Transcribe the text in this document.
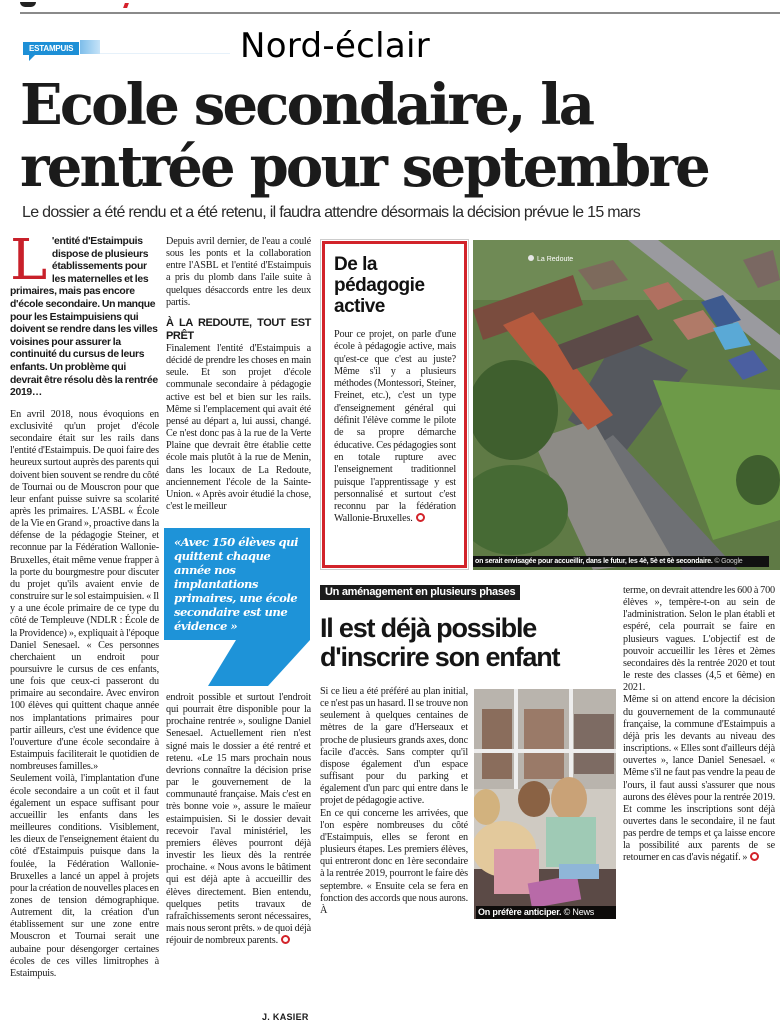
ESTAMPUIS	Nord-éclair
Ecole secondaire, la
rentrée pour septembre
Le dossier a été rendu et a été retenu, il faudra attendre désormais la décision prévue le 15 mars
L 'entité d'Estaimpuis dispose de plusieurs établissements pour les maternelles et les primaires, mais pas encore d'école secondaire. Un manque pour les Estaimpuisiens qui doivent se rendre dans les villes voisines pour assurer la continuité du cursus de leurs enfants. Un problème qui devrait être résolu dès la rentrée 2019…

En avril 2018, nous évoquions en exclusivité qu'un projet d'école secondaire était sur les rails dans l'entité d'Estaimpuis. De quoi faire des heureux surtout auprès des parents qui doivent bien souvent se rendre du côté de Tournai ou de Mouscron pour que leur enfant puisse suivre sa scolarité après les primaires. L'ASBL « École de la Vie en Grand », proactive dans la défense de la pédagogie Steiner, et reconnue par la Fédération Wallonie-Bruxelles, était même venue frapper à la porte du bourgmestre pour discuter du projet qu'ils avaient envie de construire sur le sol estaimpuisien. « Il y a une école primaire de ce type du côté de Templeuve (NDLR : École de la Providence) », expliquait à l'époque Daniel Senesael. « Ces personnes cherchaient un endroit pour poursuivre le cursus de ces enfants, une fois que ceux-ci passeront du primaire au secondaire. Avec environ 100 élèves qui quittent chaque année nos implantations primaires pour partir ailleurs, c'est une évidence que l'ouverture d'une école secondaire à Estaimpuis faciliterait le quotidien de nombreuses familles.»

Seulement voilà, l'implantation d'une école secondaire a un coût et il faut également un espace suffisant pour accueillir les enfants dans les meilleures conditions. Visiblement, les dieux de l'enseignement étaient du côté d'Estaimpuis puisque dans la foulée, la Fédération Wallonie-Bruxelles a lancé un appel à projets pour la création de nouvelles places en zones de tension démographique. Autrement dit, la création d'un établissement sur une zone entre Mouscron et Tournai serait une aubaine pour désengorger certaines écoles de ces villes limitrophes à Estaimpuis.

Depuis avril dernier, de l'eau a coulé sous les ponts et la collaboration entre l'ASBL et l'entité d'Estaimpuis a pris du plomb dans l'aile suite à quelques désaccords entre les deux partis.

À LA REDOUTE, TOUT EST PRÊT

Finalement l'entité d'Estaimpuis a décidé de prendre les choses en main seule. Et son projet d'école communale secondaire à pédagogie active est bel et bien sur les rails. Même si l'emplacement qui avait été pensé au départ a, lui aussi, changé. Ce n'est donc pas à la rue de la Verte Plaine que devrait être établie cette école mais plutôt à la rue de Menin, dans les locaux de La Redoute, anciennement l'école de la Sainte-Union. « Après avoir étudié la chose, c'est le meilleur

«Avec 150 élèves qui quittent chaque année nos implantations primaires, une école secondaire est une évidence »

endroit possible et surtout l'endroit qui pourrait être disponible pour la prochaine rentrée », souligne Daniel Senesael. Actuellement rien n'est signé mais le dossier a été rentré et retenu. «Le 15 mars prochain nous devrions connaître la décision prise par le gouvernement de la communauté française. Mais c'est en très bonne voie », assure le maïeur estaimpuisien. Si le dossier devait recevoir l'aval ministériel, les premiers élèves pourront déjà investir les lieux dès la rentrée prochaine. « Nous avons le bâtiment qui est déjà apte à accueillir des élèves directement. Bien entendu, quelques petits travaux de rafraîchissements seront nécessaires, mais nous seront prêts. » de quoi déjà réjouir de nombreux parents.

J. KASIER
De la pédagogie active
Pour ce projet, on parle d'une école à pédagogie active, mais qu'est-ce que c'est au juste? Même s'il y a plusieurs méthodes (Montessori, Steiner, Freinet, etc.), c'est un type d'enseignement général qui définit l'élève comme le pilote de sa propre démarche éducative. Ces pédagogies sont en totale rupture avec l'enseignement traditionnel puisque l'apprentissage y est personnalisé et surtout c'est reconnu par la fédération Wallonie-Bruxelles.
La Redoute
on serait envisagée pour accueillir, dans le futur, les 4è, 5è et 6è secondaire. © Google
Un aménagement en plusieurs phases
Il est déjà possible d'inscrire son enfant

Si ce lieu a été préféré au plan initial, ce n'est pas un hasard. Il se trouve non seulement à quelques centaines de mètres de la gare d'Herseaux et proche de plusieurs grands axes, donc facile d'accès. Sans compter qu'il dispose également d'un espace suffisant pour du parking et également d'un parc qui entre dans le projet de pédagogie active.

En ce qui concerne les arrivées, que l'on espère nombreuses du côté d'Estaimpuis, elles se feront en plusieurs étapes. Les premiers élèves, qui entreront donc en 1ère secondaire à la rentrée 2019, pourront le faire dès septembre. « Ensuite cela se fera en fonction des accords que nous aurons. À	On préfère anticiper. © News

terme, on devrait attendre les 600 à 700 élèves », tempère-t-on au sein de l'administration. Selon le plan établi et espéré, cela pourrait se faire en plusieurs vagues. L'objectif est de pouvoir accueillir les 1ères et 2èmes secondaires dès la rentrée 2020 et tout le reste des classes (4,5 et 6ème) en 2021.

Même si on attend encore la décision du gouvernement de la communauté française, la commune d'Estaimpuis a déjà pris les devants au niveau des inscriptions. « Elles sont d'ailleurs déjà ouvertes », lance Daniel Senesael. « Même s'il ne faut pas vendre la peau de l'ours, il faut aussi s'assurer que nous aurons des élèves pour la rentrée 2019. Et comme les inscriptions sont déjà ouvertes dans le secondaire, il ne faut pas perdre de temps et ça laisse encore la possibilité aux parents de se retourner en cas d'avis négatif. »
